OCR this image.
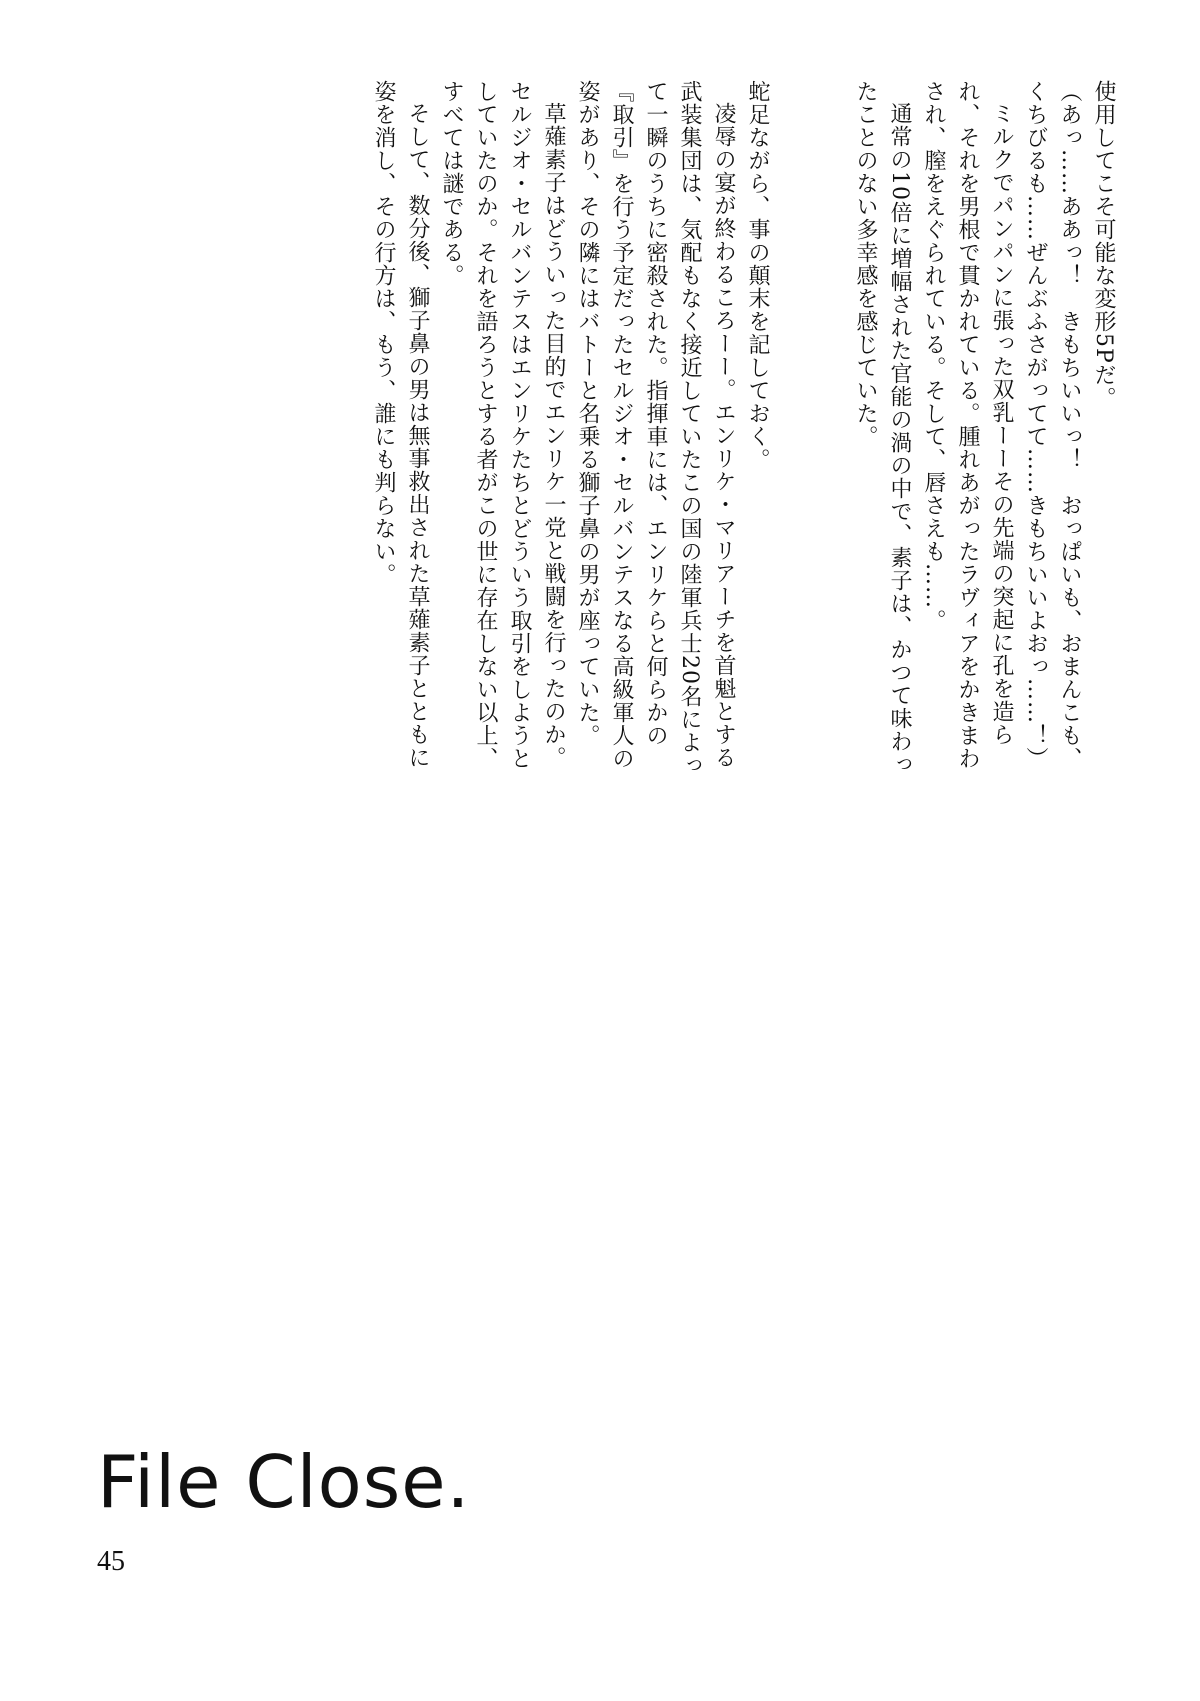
使用してこそ可能な変形5Pだ。

（あっ……ああっ！　きもちいいっ！　おっぱいも、おまんこも、くちびるも……ぜんぶふさがってて……きもちいいよおっ……！）

ミルクでパンパンに張った双乳ーーその先端の突起に孔を造られ、それを男根で貫かれている。腫れあがったラヴィアをかきまわされ、膣をえぐられている。そして、唇さえも……。

通常の10倍に増幅された官能の渦の中で、素子は、かつて味わったことのない多幸感を感じていた。

蛇足ながら、事の顛末を記しておく。

凌辱の宴が終わるころーー。エンリケ・マリアーチを首魁とする武装集団は、気配もなく接近していたこの国の陸軍兵士20名によって一瞬のうちに密殺された。指揮車には、エンリケらと何らかの『取引』を行う予定だったセルジオ・セルバンテスなる高級軍人の姿があり、その隣にはバトーと名乗る獅子鼻の男が座っていた。

草薙素子はどういった目的でエンリケ一党と戦闘を行ったのか。セルジオ・セルバンテスはエンリケたちとどういう取引をしようとしていたのか。それを語ろうとする者がこの世に存在しない以上、すべては謎である。

そして、数分後、獅子鼻の男は無事救出された草薙素子とともに姿を消し、その行方は、もう、誰にも判らない。

File Close.
45
